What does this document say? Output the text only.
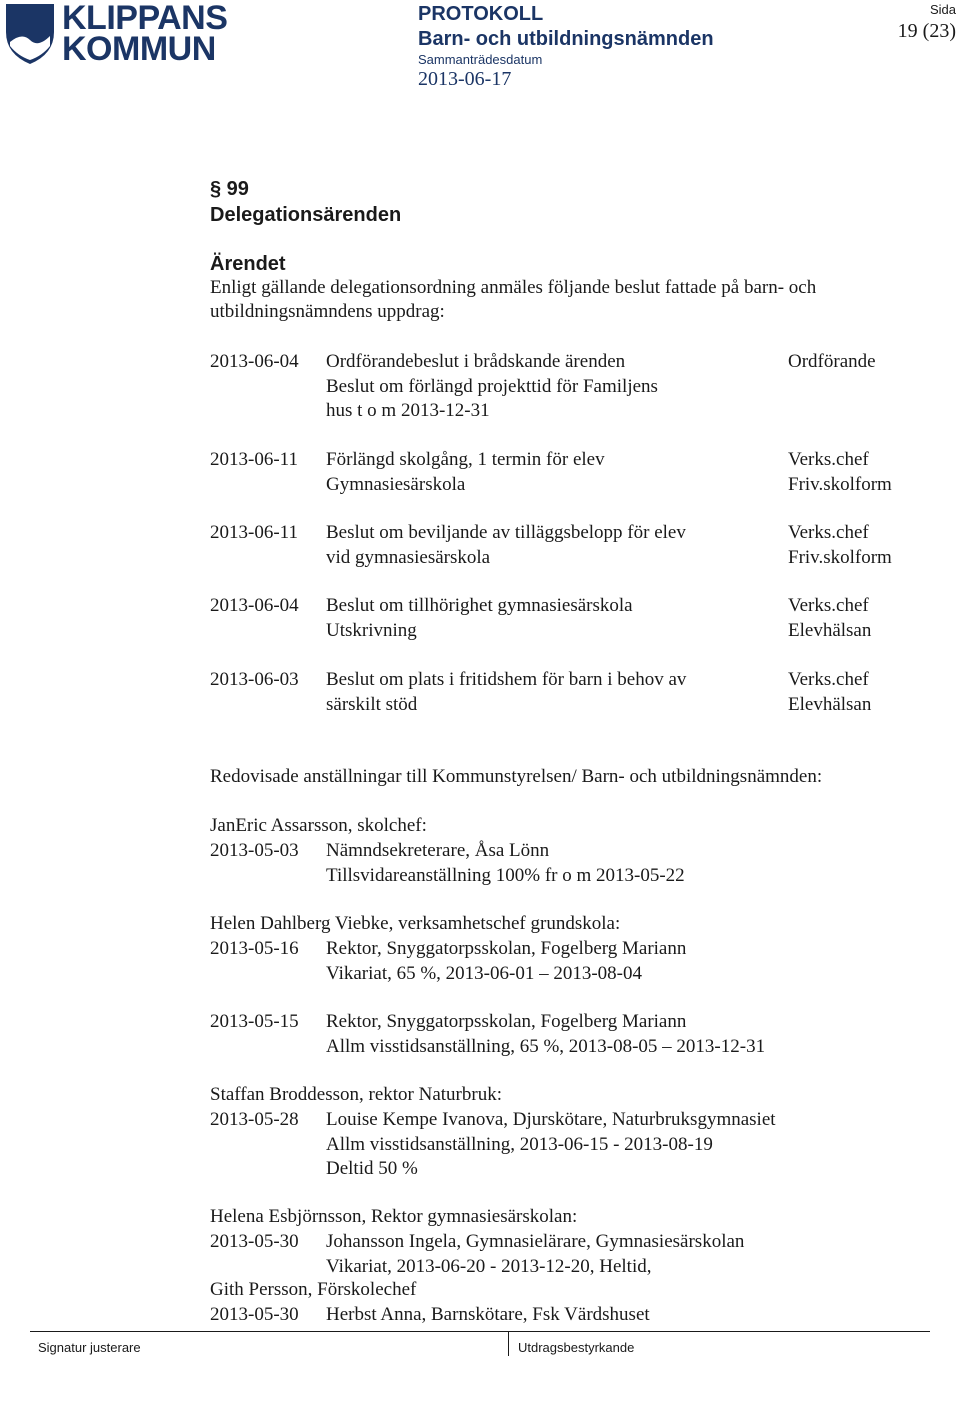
KLIPPANS
KOMMUN
PROTOKOLL
Barn- och utbildningsnämnden
Sammanträdesdatum
2013-06-17
Sida
19 (23)
§ 99
Delegationsärenden
Ärendet
Enligt gällande delegationsordning anmäles följande beslut fattade på barn- och
utbildningsnämndens uppdrag:
2013-06-04 Ordförandebeslut i brådskande ärenden
Beslut om förlängd projekttid för Familjens
hus t o m 2013-12-31
Ordförande
2013-06-11 Förlängd skolgång, 1 termin för elev
Gymnasiesärskola
Verks.chef
Friv.skolform
2013-06-11 Beslut om beviljande av tilläggsbelopp för elev
vid gymnasiesärskola
Verks.chef
Friv.skolform
2013-06-04 Beslut om tillhörighet gymnasiesärskola
Utskrivning
Verks.chef
Elevhälsan
2013-06-03 Beslut om plats i fritidshem för barn i behov av
särskilt stöd
Verks.chef
Elevhälsan
Redovisade anställningar till Kommunstyrelsen/ Barn- och utbildningsnämnden:
JanEric Assarsson, skolchef:
2013-05-03 Nämndsekreterare, Åsa Lönn
Tillsvidareanställning 100% fr o m 2013-05-22
Helen Dahlberg Viebke, verksamhetschef grundskola:
2013-05-16 Rektor, Snyggatorpsskolan, Fogelberg Mariann
Vikariat, 65 %, 2013-06-01 – 2013-08-04
2013-05-15 Rektor, Snyggatorpsskolan, Fogelberg Mariann
Allm visstidsanställning, 65 %, 2013-08-05 – 2013-12-31
Staffan Broddesson, rektor Naturbruk:
2013-05-28 Louise Kempe Ivanova, Djurskötare, Naturbruksgymnasiet
Allm visstidsanställning, 2013-06-15 - 2013-08-19
Deltid 50 %
Helena Esbjörnsson, Rektor gymnasiesärskolan:
2013-05-30 Johansson Ingela, Gymnasielärare, Gymnasiesärskolan
Vikariat, 2013-06-20 - 2013-12-20, Heltid,
Gith Persson, Förskolechef
2013-05-30 Herbst Anna, Barnskötare, Fsk Värdshuset
Signatur justerare	Utdragsbestyrkande
